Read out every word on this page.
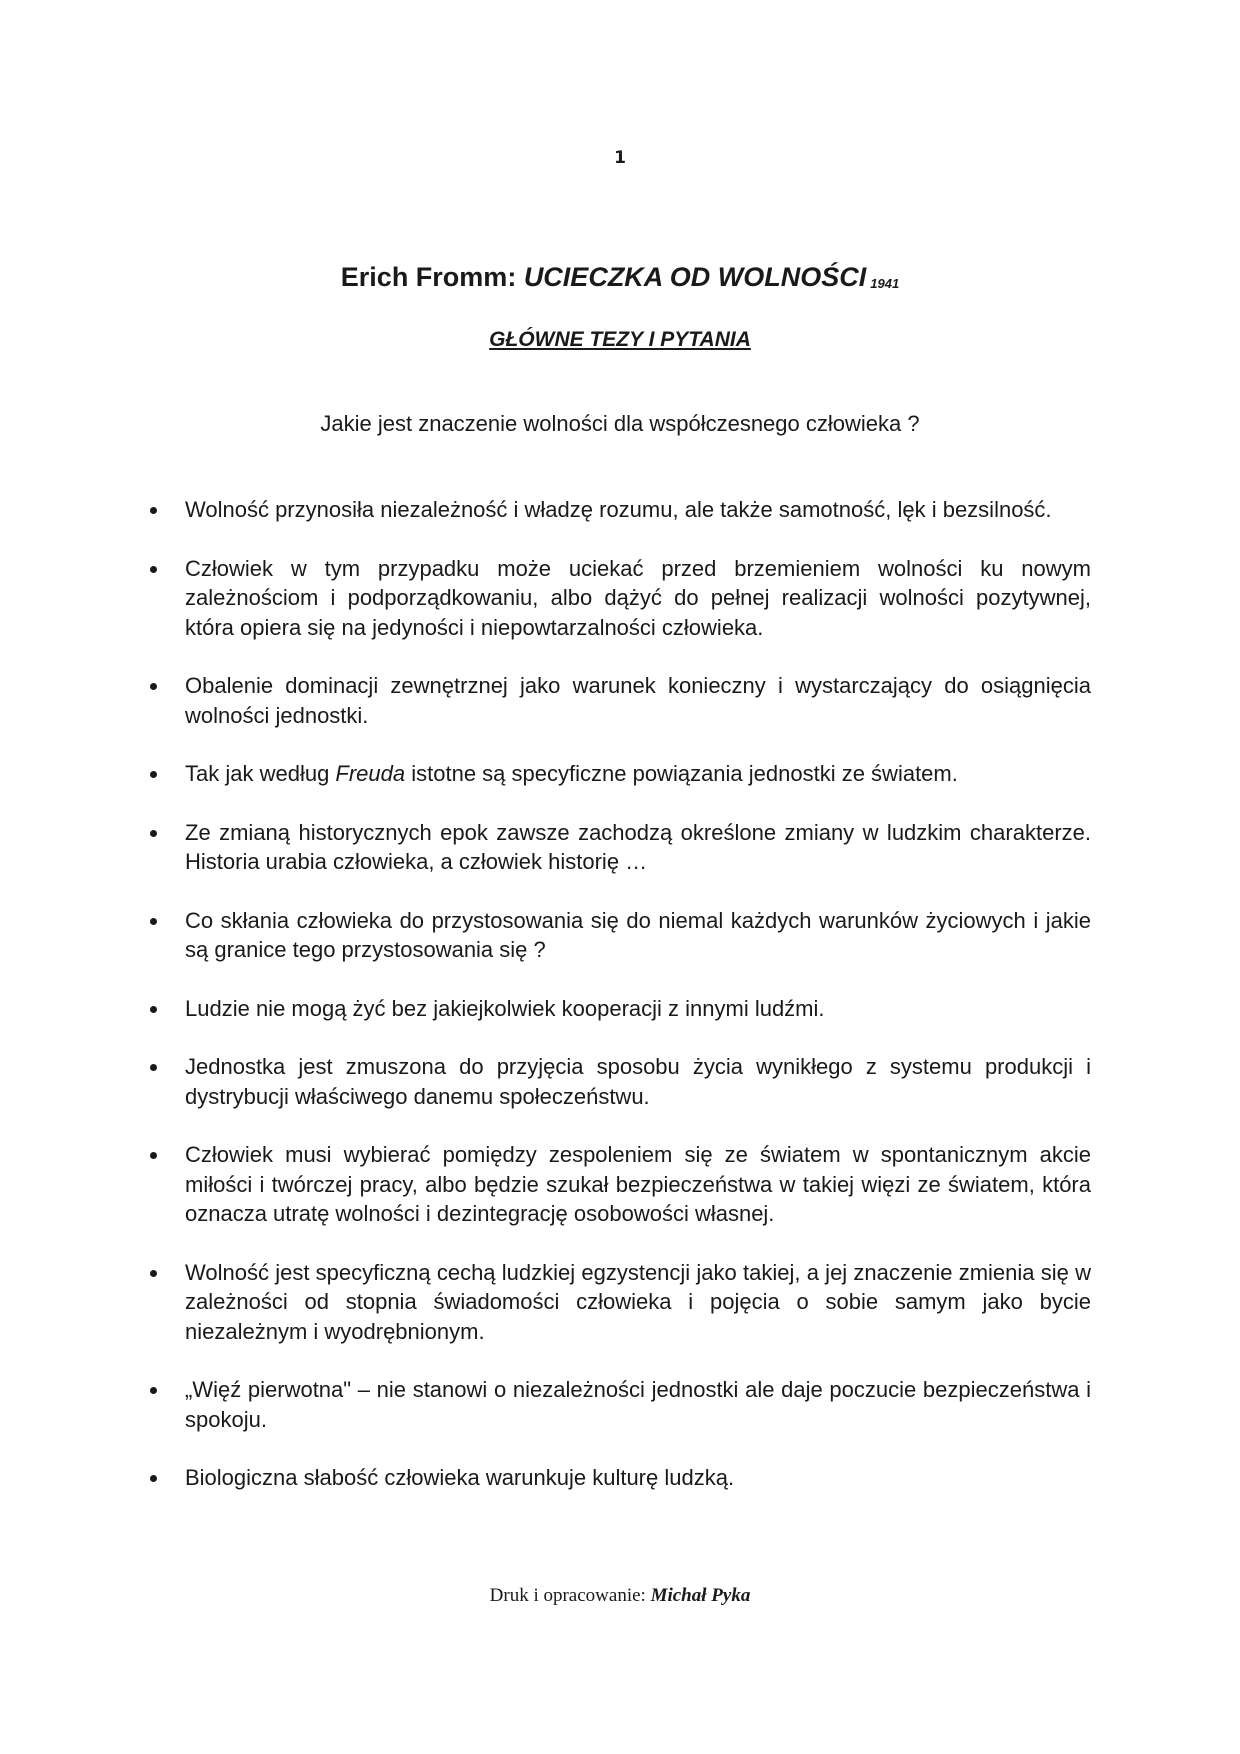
1
Erich Fromm: UCIECZKA OD WOLNOŚCI 1941
GŁÓWNE TEZY I PYTANIA
Jakie jest znaczenie wolności dla współczesnego człowieka ?
Wolność przynosiła niezależność i władzę rozumu, ale także samotność, lęk i bezsilność.
Człowiek w tym przypadku może uciekać przed brzemieniem wolności ku nowym zależnościom i podporządkowaniu, albo dążyć do pełnej realizacji wolności pozytywnej, która opiera się na jedyności i niepowtarzalności człowieka.
Obalenie dominacji zewnętrznej jako warunek konieczny i wystarczający do osiągnięcia wolności jednostki.
Tak jak według Freuda istotne są specyficzne powiązania jednostki ze światem.
Ze zmianą historycznych epok zawsze zachodzą określone zmiany w ludzkim charakterze. Historia urabia człowieka, a człowiek historię …
Co skłania człowieka do przystosowania się do niemal każdych warunków życiowych i jakie są granice tego przystosowania się ?
Ludzie nie mogą żyć bez jakiejkolwiek kooperacji z innymi ludźmi.
Jednostka jest zmuszona do przyjęcia sposobu życia wynikłego z systemu produkcji i dystrybucji właściwego danemu społeczeństwu.
Człowiek musi wybierać pomiędzy zespoleniem się ze światem w spontanicznym akcie miłości i twórczej pracy, albo będzie szukał bezpieczeństwa w takiej więzi ze światem, która oznacza utratę wolności i dezintegrację osobowości własnej.
Wolność jest specyficzną cechą ludzkiej egzystencji jako takiej, a jej znaczenie zmienia się w zależności od stopnia świadomości człowieka i pojęcia o sobie samym jako bycie niezależnym i wyodrębnionym.
„Więź pierwotna" – nie stanowi o niezależności jednostki ale daje poczucie bezpieczeństwa i spokoju.
Biologiczna słabość człowieka warunkuje kulturę ludzką.
Druk i opracowanie: Michał Pyka
